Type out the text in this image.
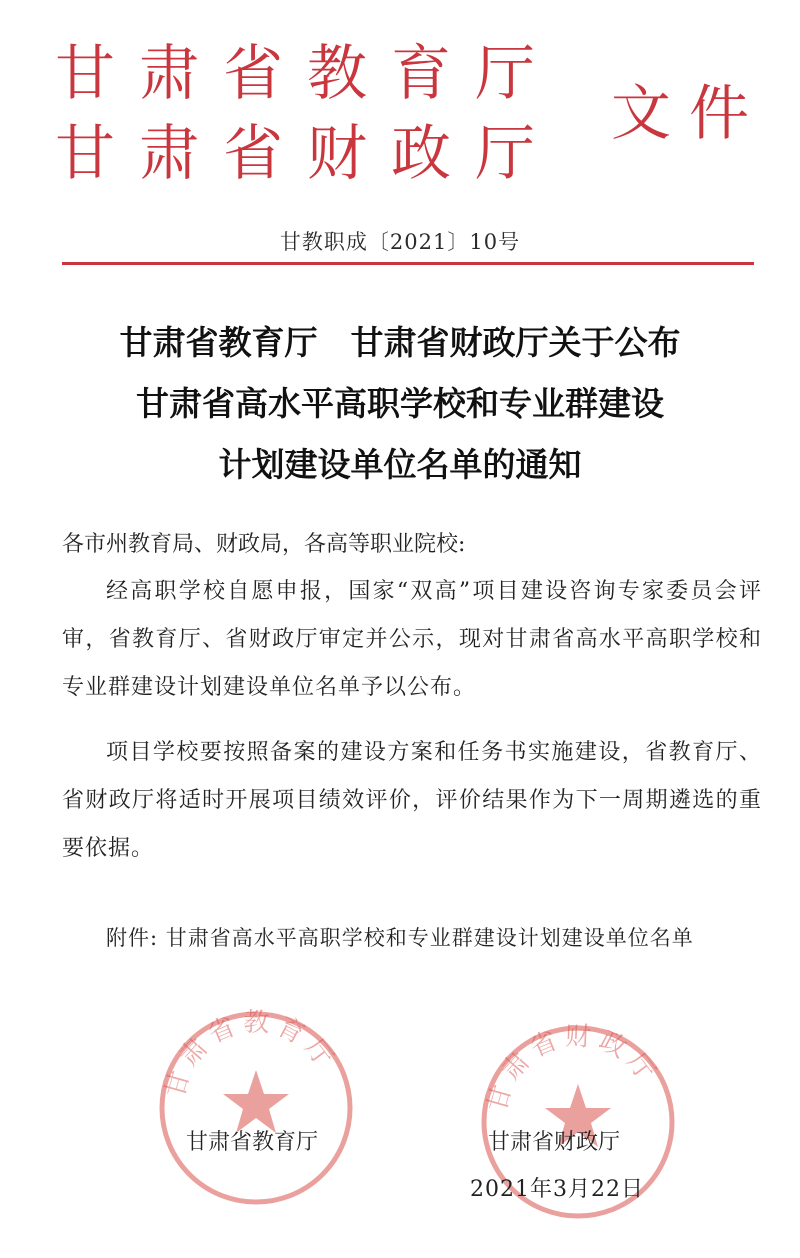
甘肃省教育厅
甘肃省财政厅
文件
甘教职成〔2021〕10号
甘肃省教育厅　甘肃省财政厅关于公布
甘肃省高水平高职学校和专业群建设
计划建设单位名单的通知
各市州教育局、财政局，各高等职业院校:
经高职学校自愿申报，国家“双高”项目建设咨询专家委员会评审，省教育厅、省财政厅审定并公示，现对甘肃省高水平高职学校和专业群建设计划建设单位名单予以公布。
项目学校要按照备案的建设方案和任务书实施建设，省教育厅、省财政厅将适时开展项目绩效评价，评价结果作为下一周期遴选的重要依据。
附件: 甘肃省高水平高职学校和专业群建设计划建设单位名单
甘肃省教育厅
甘肃省财政厅
甘肃省教育厅	甘肃省财政厅
2021年3月22日
